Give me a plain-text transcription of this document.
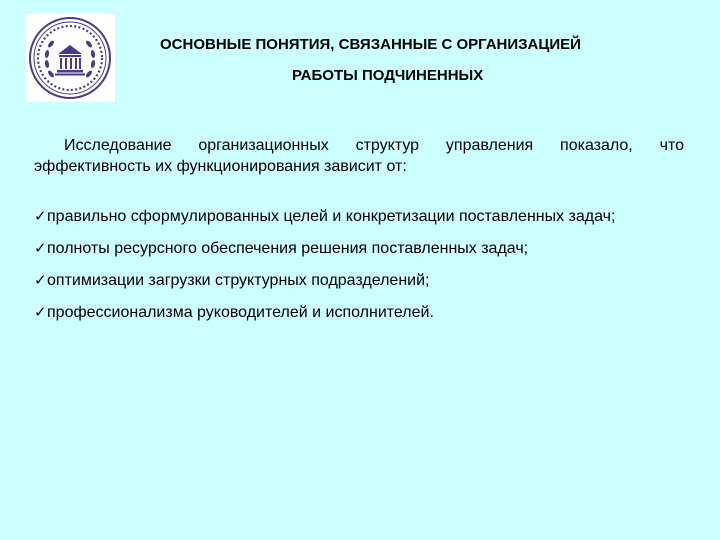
ОСНОВНЫЕ ПОНЯТИЯ, СВЯЗАННЫЕ С ОРГАНИЗАЦИЕЙ
РАБОТЫ ПОДЧИНЕННЫХ
Исследование организационных структур управления показало, что
эффективность их функционирования зависит от:
✓ правильно сформулированных целей и конкретизации поставленных задач;
✓ полноты ресурсного обеспечения решения поставленных задач;
✓ оптимизации загрузки структурных подразделений;
✓ профессионализма руководителей и исполнителей.
